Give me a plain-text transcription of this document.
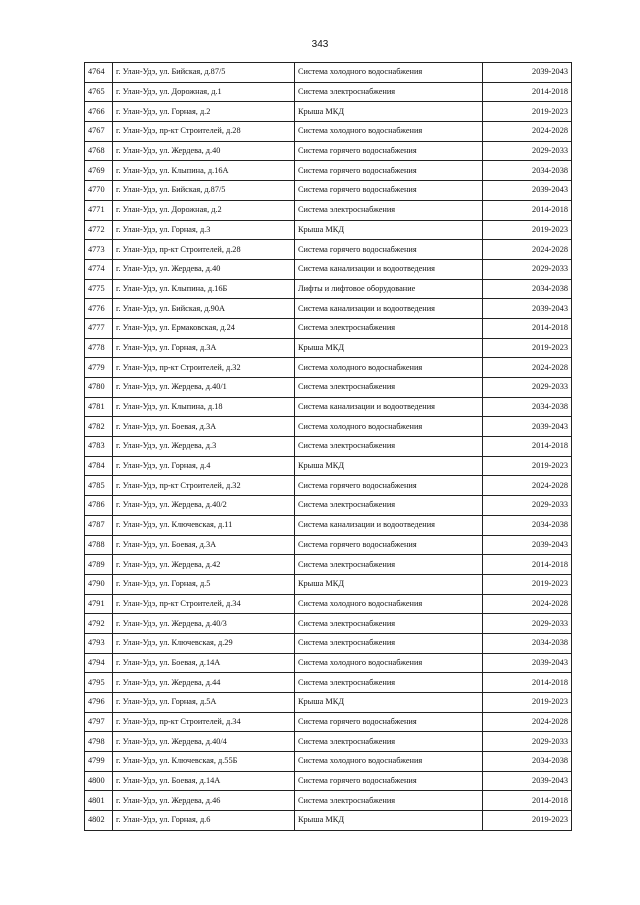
343
4764	г. Улан-Удэ, ул. Бийская, д.87/5	Система холодного водоснабжения	2039-2043
4765	г. Улан-Удэ, ул. Дорожная, д.1	Система электроснабжения	2014-2018
4766	г. Улан-Удэ, ул. Горная, д.2	Крыша МКД	2019-2023
4767	г. Улан-Удэ, пр-кт Строителей, д.28	Система холодного водоснабжения	2024-2028
4768	г. Улан-Удэ, ул. Жердева, д.40	Система горячего водоснабжения	2029-2033
4769	г. Улан-Удэ, ул. Клыпина, д.16А	Система горячего водоснабжения	2034-2038
4770	г. Улан-Удэ, ул. Бийская, д.87/5	Система горячего водоснабжения	2039-2043
4771	г. Улан-Удэ, ул. Дорожная, д.2	Система электроснабжения	2014-2018
4772	г. Улан-Удэ, ул. Горная, д.3	Крыша МКД	2019-2023
4773	г. Улан-Удэ, пр-кт Строителей, д.28	Система горячего водоснабжения	2024-2028
4774	г. Улан-Удэ, ул. Жердева, д.40	Система канализации и водоотведения	2029-2033
4775	г. Улан-Удэ, ул. Клыпина, д.16Б	Лифты и лифтовое оборудование	2034-2038
4776	г. Улан-Удэ, ул. Бийская, д.90А	Система канализации и водоотведения	2039-2043
4777	г. Улан-Удэ, ул. Ермаковская, д.24	Система электроснабжения	2014-2018
4778	г. Улан-Удэ, ул. Горная, д.3А	Крыша МКД	2019-2023
4779	г. Улан-Удэ, пр-кт Строителей, д.32	Система холодного водоснабжения	2024-2028
4780	г. Улан-Удэ, ул. Жердева, д.40/1	Система электроснабжения	2029-2033
4781	г. Улан-Удэ, ул. Клыпина, д.18	Система канализации и водоотведения	2034-2038
4782	г. Улан-Удэ, ул. Боевая, д.3А	Система холодного водоснабжения	2039-2043
4783	г. Улан-Удэ, ул. Жердева, д.3	Система электроснабжения	2014-2018
4784	г. Улан-Удэ, ул. Горная, д.4	Крыша МКД	2019-2023
4785	г. Улан-Удэ, пр-кт Строителей, д.32	Система горячего водоснабжения	2024-2028
4786	г. Улан-Удэ, ул. Жердева, д.40/2	Система электроснабжения	2029-2033
4787	г. Улан-Удэ, ул. Ключевская, д.11	Система канализации и водоотведения	2034-2038
4788	г. Улан-Удэ, ул. Боевая, д.3А	Система горячего водоснабжения	2039-2043
4789	г. Улан-Удэ, ул. Жердева, д.42	Система электроснабжения	2014-2018
4790	г. Улан-Удэ, ул. Горная, д.5	Крыша МКД	2019-2023
4791	г. Улан-Удэ, пр-кт Строителей, д.34	Система холодного водоснабжения	2024-2028
4792	г. Улан-Удэ, ул. Жердева, д.40/3	Система электроснабжения	2029-2033
4793	г. Улан-Удэ, ул. Ключевская, д.29	Система электроснабжения	2034-2038
4794	г. Улан-Удэ, ул. Боевая, д.14А	Система холодного водоснабжения	2039-2043
4795	г. Улан-Удэ, ул. Жердева, д.44	Система электроснабжения	2014-2018
4796	г. Улан-Удэ, ул. Горная, д.5А	Крыша МКД	2019-2023
4797	г. Улан-Удэ, пр-кт Строителей, д.34	Система горячего водоснабжения	2024-2028
4798	г. Улан-Удэ, ул. Жердева, д.40/4	Система электроснабжения	2029-2033
4799	г. Улан-Удэ, ул. Ключевская, д.55Б	Система холодного водоснабжения	2034-2038
4800	г. Улан-Удэ, ул. Боевая, д.14А	Система горячего водоснабжения	2039-2043
4801	г. Улан-Удэ, ул. Жердева, д.46	Система электроснабжения	2014-2018
4802	г. Улан-Удэ, ул. Горная, д.6	Крыша МКД	2019-2023
